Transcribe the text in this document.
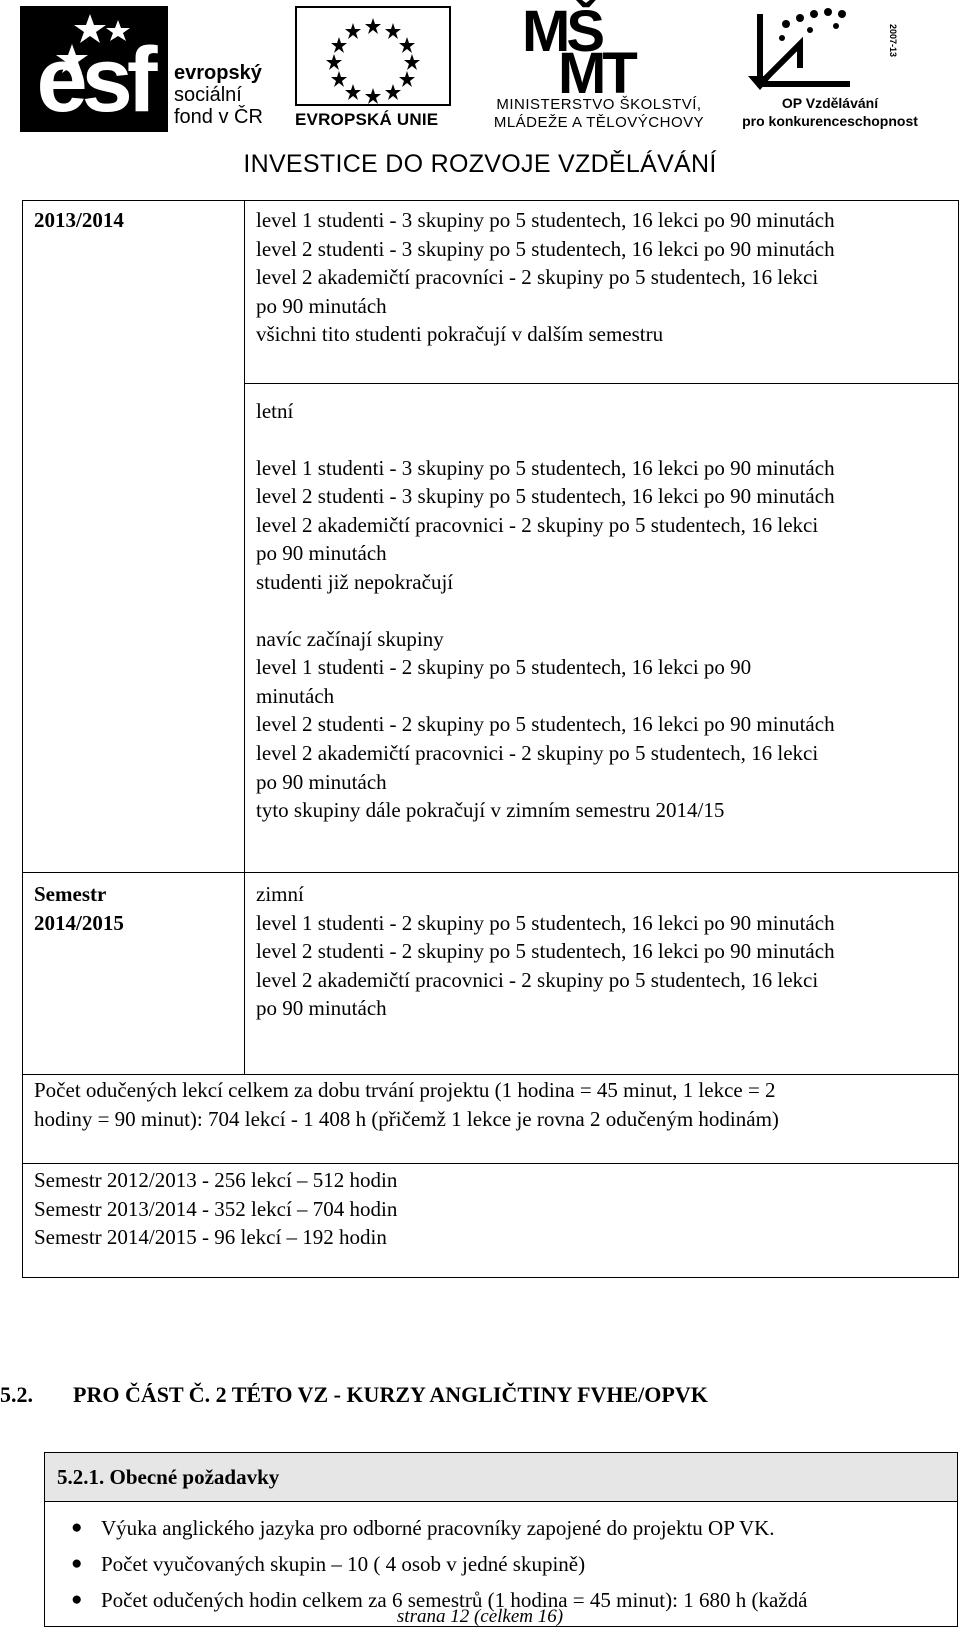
esf	evropský
sociální
fond v ČR EVROPSKÁ UNIE
MŠ
MT
MINISTERSTVO ŠKOLSTVÍ,
MLÁDEŽE A TĚLOVÝCHOVY
2007-13
OP Vzdělávání
pro konkurenceschopnost
INVESTICE DO ROZVOJE VZDĚLÁVÁNÍ
2013/2014	level 1 studenti - 3 skupiny po 5 studentech, 16 lekci po 90 minutách
level 2 studenti - 3 skupiny po 5 studentech, 16 lekci po 90 minutách
level 2 akademičtí pracovníci - 2 skupiny po 5 studentech, 16 lekci
po 90 minutách
všichni tito studenti pokračují v dalším semestru
letní
level 1 studenti - 3 skupiny po 5 studentech, 16 lekci po 90 minutách
level 2 studenti - 3 skupiny po 5 studentech, 16 lekci po 90 minutách
level 2 akademičtí pracovnici - 2 skupiny po 5 studentech, 16 lekci
po 90 minutách
studenti již nepokračují
navíc začínají skupiny
level 1 studenti - 2 skupiny po 5 studentech, 16 lekci po 90
minutách
level 2 studenti - 2 skupiny po 5 studentech, 16 lekci po 90 minutách
level 2 akademičtí pracovnici - 2 skupiny po 5 studentech, 16 lekci
po 90 minutách
tyto skupiny dále pokračují v zimním semestru 2014/15
Semestr
2014/2015
zimní
level 1 studenti - 2 skupiny po 5 studentech, 16 lekci po 90 minutách
level 2 studenti - 2 skupiny po 5 studentech, 16 lekci po 90 minutách
level 2 akademičtí pracovnici - 2 skupiny po 5 studentech, 16 lekci
po 90 minutách
Počet odučených lekcí celkem za dobu trvání projektu (1 hodina = 45 minut, 1 lekce = 2
hodiny = 90 minut): 704 lekcí - 1 408 h (přičemž 1 lekce je rovna 2 odučeným hodinám)
Semestr 2012/2013 - 256 lekcí – 512 hodin
Semestr 2013/2014 - 352 lekcí – 704 hodin
Semestr 2014/2015 - 96 lekcí – 192 hodin
5.2. PRO ČÁST Č. 2 TÉTO VZ - KURZY ANGLIČTINY FVHE/OPVK
5.2.1. Obecné požadavky
● Výuka anglického jazyka pro odborné pracovníky zapojené do projektu OP VK.
● Počet vyučovaných skupin – 10 ( 4 osob v jedné skupině)
● Počet odučených hodin celkem za 6 semestrů (1 hodina = 45 minut): 1 680 h (každá
strana 12 (celkem 16)
